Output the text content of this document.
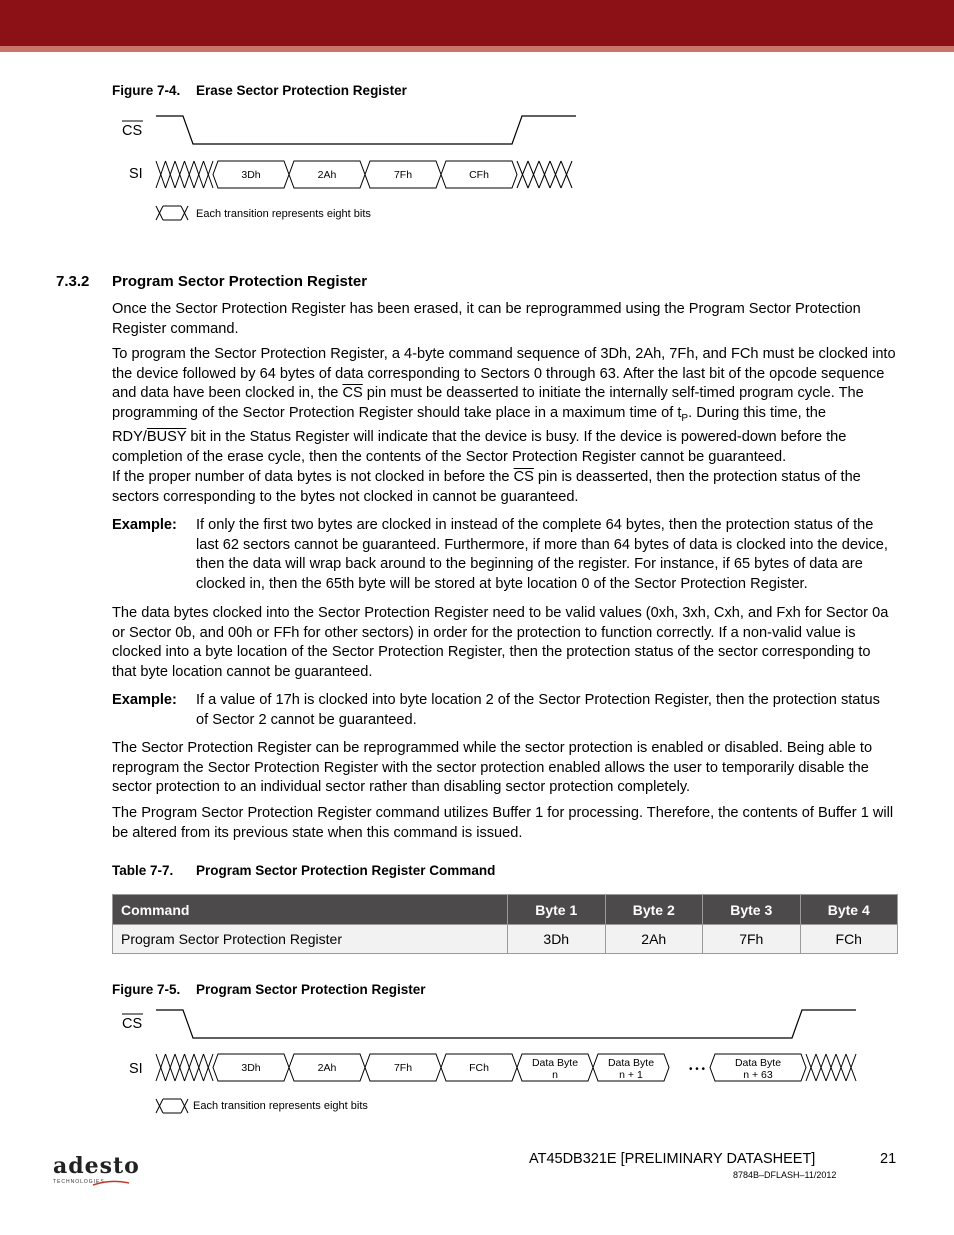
Figure 7-4. Erase Sector Protection Register
CS
SI	3Dh	2Ah	7Fh	CFh
Each transition represents eight bits
7.3.2 Program Sector Protection Register
Once the Sector Protection Register has been erased, it can be reprogrammed using the Program Sector Protection Register command.
To program the Sector Protection Register, a 4-byte command sequence of 3Dh, 2Ah, 7Fh, and FCh must be clocked into the device followed by 64 bytes of data corresponding to Sectors 0 through 63. After the last bit of the opcode sequence and data have been clocked in, the $\overline{CS}$ pin must be deasserted to initiate the internally self-timed program cycle. The programming of the Sector Protection Register should take place in a maximum time of $t_P$. During this time, the RDY/BUSY bit in the Status Register will indicate that the device is busy. If the device is powered-down before the completion of the erase cycle, then the contents of the Sector Protection Register cannot be guaranteed.
If the proper number of data bytes is not clocked in before the $\overline{CS}$ pin is deasserted, then the protection status of the sectors corresponding to the bytes not clocked in cannot be guaranteed.
Example: If only the first two bytes are clocked in instead of the complete 64 bytes, then the protection status of the last 62 sectors cannot be guaranteed. Furthermore, if more than 64 bytes of data is clocked into the device, then the data will wrap back around to the beginning of the register. For instance, if 65 bytes of data are clocked in, then the 65th byte will be stored at byte location 0 of the Sector Protection Register.
The data bytes clocked into the Sector Protection Register need to be valid values (0xh, 3xh, Cxh, and Fxh for Sector 0a or Sector 0b, and 00h or FFh for other sectors) in order for the protection to function correctly. If a non-valid value is clocked into a byte location of the Sector Protection Register, then the protection status of the sector corresponding to that byte location cannot be guaranteed.
Example: If a value of 17h is clocked into byte location 2 of the Sector Protection Register, then the protection status of Sector 2 cannot be guaranteed.
The Sector Protection Register can be reprogrammed while the sector protection is enabled or disabled. Being able to reprogram the Sector Protection Register with the sector protection enabled allows the user to temporarily disable the sector protection to an individual sector rather than disabling sector protection completely.
The Program Sector Protection Register command utilizes Buffer 1 for processing. Therefore, the contents of Buffer 1 will be altered from its previous state when this command is issued.
Table 7-7. Program Sector Protection Register Command
Command	Byte 1	Byte 2	Byte 3	Byte 4
Program Sector Protection Register	3Dh	2Ah	7Fh	FCh
Figure 7-5. Program Sector Protection Register
CS
SI	3Dh	2Ah	7Fh	FCh	Data Byte
n
Data Byte
n + 1
Data Byte
n + 63
• • •
Each transition represents eight bits
adesto
TECHNOLOGIES
AT45DB321E [PRELIMINARY DATASHEET]	21
8784B–DFLASH–11/2012
